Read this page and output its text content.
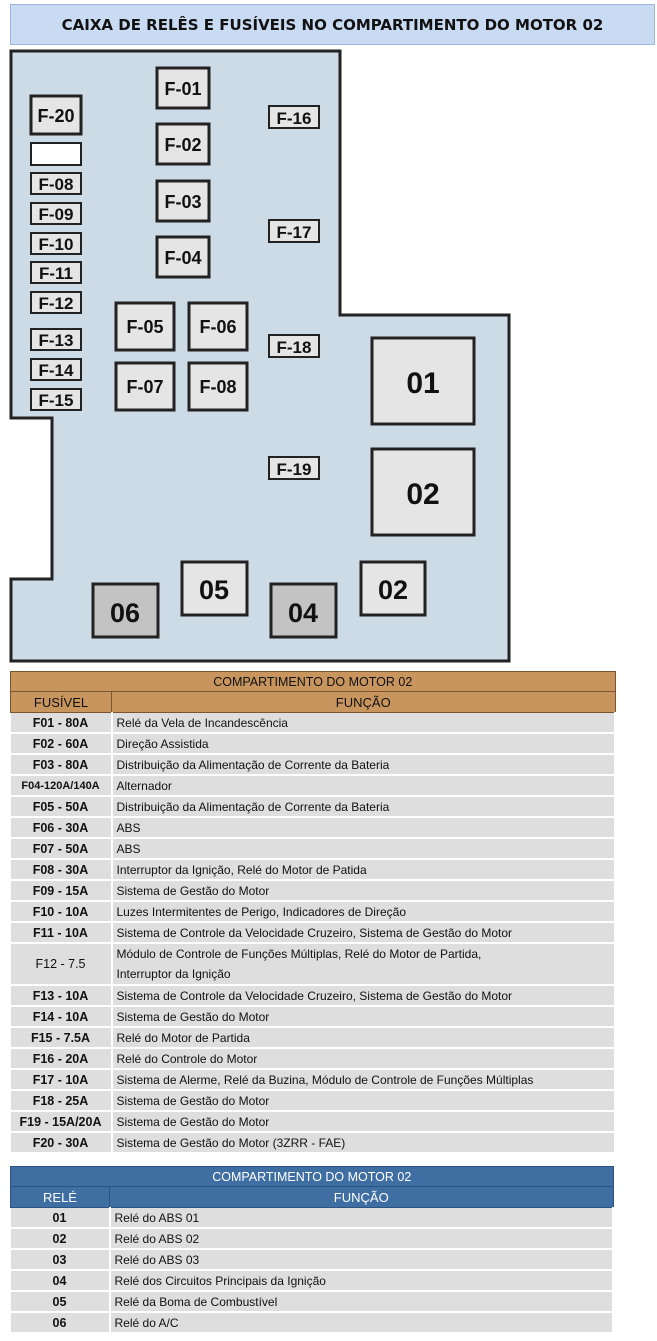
CAIXA DE RELÊS E FUSÍVEIS NO COMPARTIMENTO DO MOTOR 02
F-01
F-02
F-03
F-04
F-05 F-06
F-07 F-08
F-20
F-08
F-09
F-10
F-11
F-12
F-13
F-14
F-15
F-16
F-17
F-18
F-19
01
02
06
05
04
02
COMPARTIMENTO DO MOTOR 02	
FUSÍVEL	FUNÇÃO
F01 - 80A	Relé da Vela de Incandescência
F02 - 60A	Direção Assistida
F03 - 80A	Distribuição da Alimentação de Corrente da Bateria
F04-120A/140A	Alternador
F05 - 50A	Distribuição da Alimentação de Corrente da Bateria
F06 - 30A	ABS
F07 - 50A	ABS
F08 - 30A	Interruptor da Ignição, Relé do Motor de Patida
F09 - 15A	Sistema de Gestão do Motor
F10 - 10A	Luzes Intermitentes de Perigo, Indicadores de Direção
F11 - 10A	Sistema de Controle da Velocidade Cruzeiro, Sistema de Gestão do Motor
F12 - 7.5	Módulo de Controle de Funções Múltiplas, Relé do Motor de Partida,
Interruptor da Ignição
F13 - 10A	Sistema de Controle da Velocidade Cruzeiro, Sistema de Gestão do Motor
F14 - 10A	Sistema de Gestão do Motor
F15 - 7.5A	Relé do Motor de Partida
F16 - 20A	Relé do Controle do Motor
F17 - 10A	Sistema de Alerme, Relé da Buzina, Módulo de Controle de Funções Múltiplas
F18 - 25A	Sistema de Gestão do Motor
F19 - 15A/20A	Sistema de Gestão do Motor
F20 - 30A	Sistema de Gestão do Motor (3ZRR - FAE)
COMPARTIMENTO DO MOTOR 02	
RELÉ	FUNÇÃO
01	Relé do ABS 01
02	Relé do ABS 02
03	Relé do ABS 03
04	Relé dos Circuitos Principais da Ignição
05	Relé da Boma de Combustível
06	Relé do A/C
